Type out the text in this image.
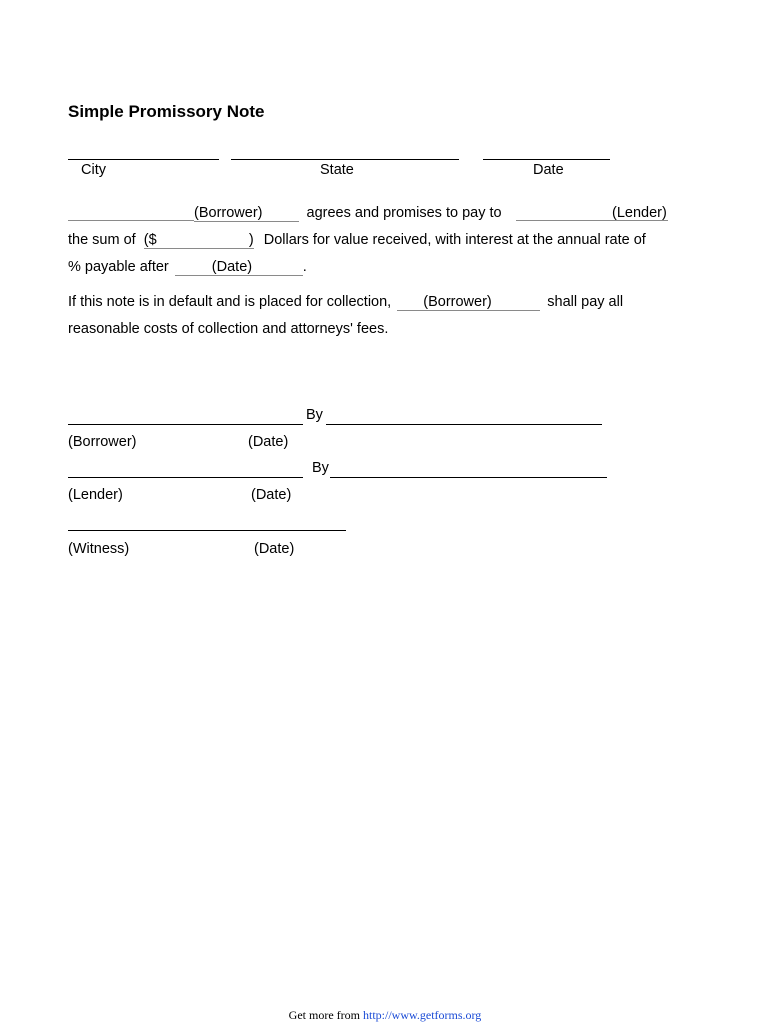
Simple Promissory Note
City	State	Date
(Borrower)	agrees and promises to pay to	(Lender)
the sum of ($	) Dollars for value received, with interest at the annual rate of
% payable after	(Date)	.
If this note is in default and is placed for collection, (Borrower)	shall pay all
reasonable costs of collection and attorneys' fees.
By
(Borrower)	(Date)
By
(Lender)	(Date)
(Witness)	(Date)
Get more from http://www.getforms.org
